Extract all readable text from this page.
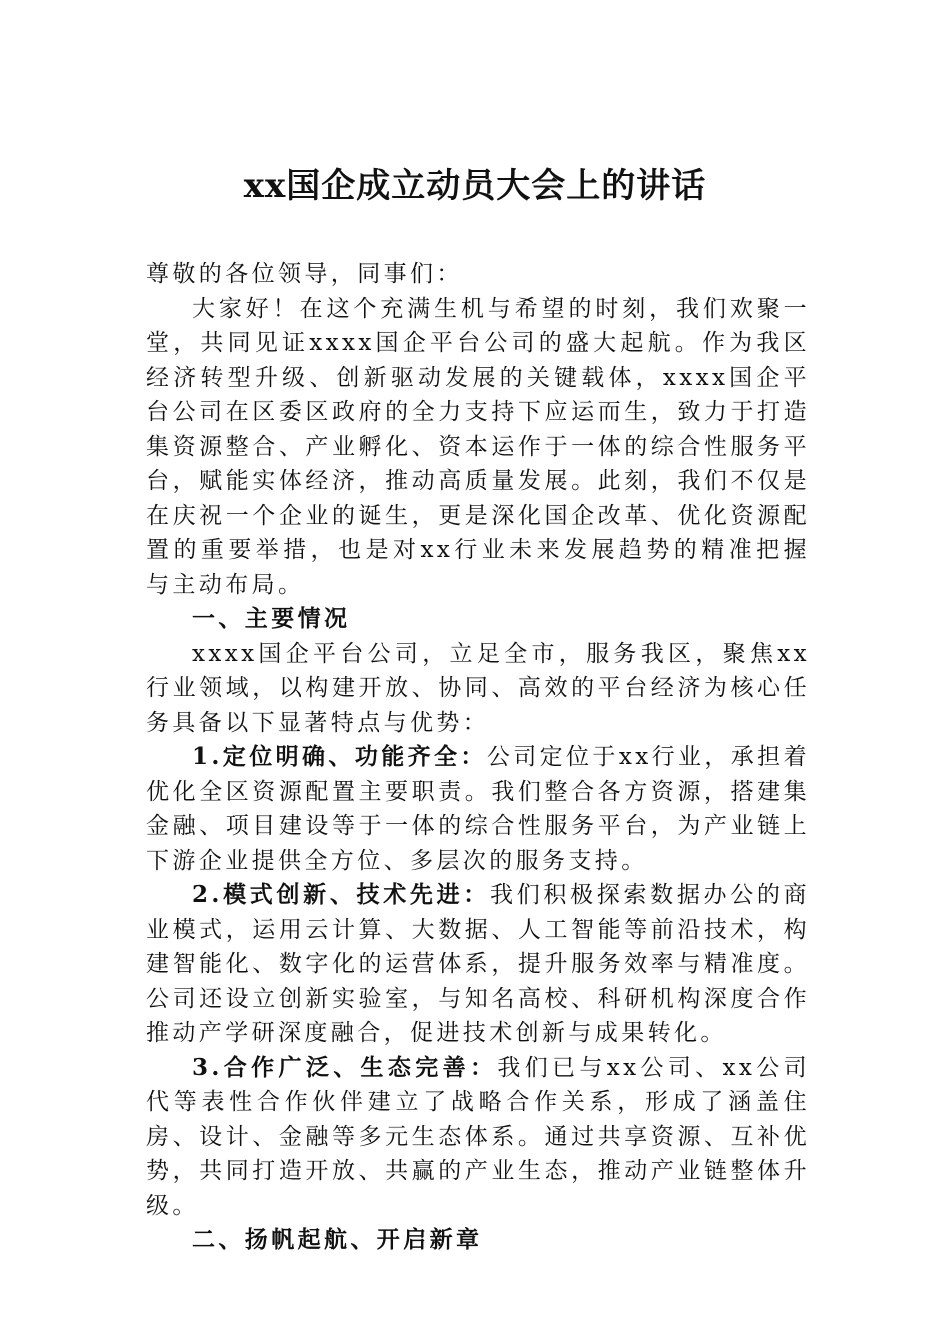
xx国企成立动员大会上的讲话

尊敬的各位领导，同事们：

大家好！在这个充满生机与希望的时刻，我们欢聚一堂，共同见证xxxx国企平台公司的盛大起航。作为我区经济转型升级、创新驱动发展的关键载体，xxxx国企平台公司在区委区政府的全力支持下应运而生，致力于打造集资源整合、产业孵化、资本运作于一体的综合性服务平台，赋能实体经济，推动高质量发展。此刻，我们不仅是在庆祝一个企业的诞生，更是深化国企改革、优化资源配置的重要举措，也是对xx行业未来发展趋势的精准把握与主动布局。

一、主要情况

xxxx国企平台公司，立足全市，服务我区，聚焦xx行业领域，以构建开放、协同、高效的平台经济为核心任务具备以下显著特点与优势：

1.定位明确、功能齐全：公司定位于xx行业，承担着优化全区资源配置主要职责。我们整合各方资源，搭建集金融、项目建设等于一体的综合性服务平台，为产业链上下游企业提供全方位、多层次的服务支持。

2.模式创新、技术先进：我们积极探索数据办公的商业模式，运用云计算、大数据、人工智能等前沿技术，构建智能化、数字化的运营体系，提升服务效率与精准度。公司还设立创新实验室，与知名高校、科研机构深度合作推动产学研深度融合，促进技术创新与成果转化。

3.合作广泛、生态完善：我们已与xx公司、xx公司代等表性合作伙伴建立了战略合作关系，形成了涵盖住房、设计、金融等多元生态体系。通过共享资源、互补优势，共同打造开放、共赢的产业生态，推动产业链整体升级。

二、扬帆起航、开启新章
